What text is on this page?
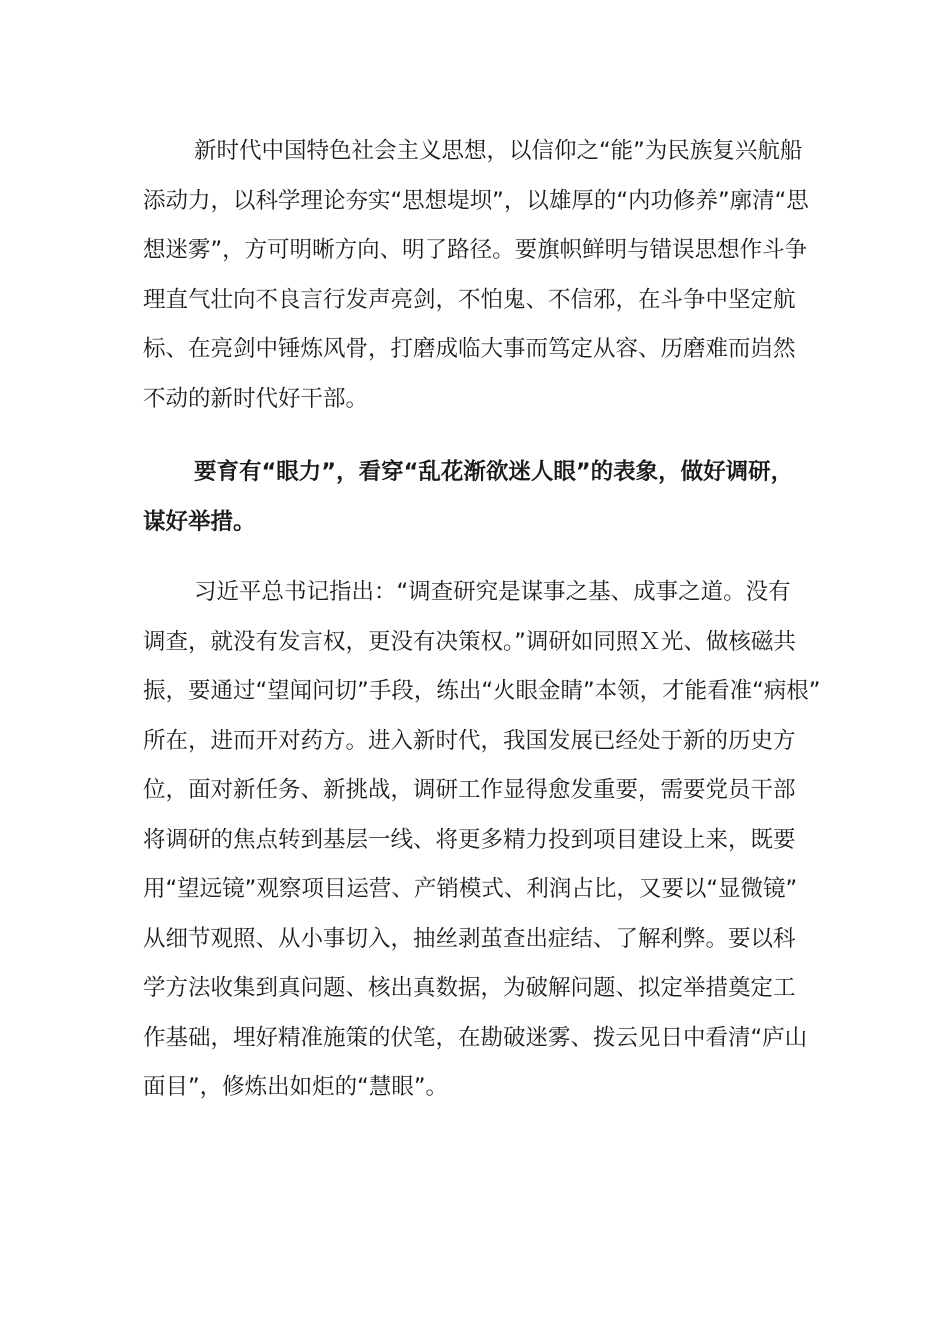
新时代中国特色社会主义思想，以信仰之“能”为民族复兴航船
添动力，以科学理论夯实“思想堤坝”，以雄厚的“内功修养”廓清“思
想迷雾”，方可明晰方向、明了路径。要旗帜鲜明与错误思想作斗争
理直气壮向不良言行发声亮剑，不怕鬼、不信邪，在斗争中坚定航
标、在亮剑中锤炼风骨，打磨成临大事而笃定从容、历磨难而岿然
不动的新时代好干部。
要育有“眼力”，看穿“乱花渐欲迷人眼”的表象，做好调研，
谋好举措。
习近平总书记指出：“调查研究是谋事之基、成事之道。没有
调查，就没有发言权，更没有决策权。”调研如同照Ｘ光、做核磁共
振，要通过“望闻问切”手段，练出“火眼金睛”本领，才能看准“病根”
所在，进而开对药方。进入新时代，我国发展已经处于新的历史方
位，面对新任务、新挑战，调研工作显得愈发重要，需要党员干部
将调研的焦点转到基层一线、将更多精力投到项目建设上来，既要
用“望远镜”观察项目运营、产销模式、利润占比，又要以“显微镜”
从细节观照、从小事切入，抽丝剥茧查出症结、了解利弊。要以科
学方法收集到真问题、核出真数据，为破解问题、拟定举措奠定工
作基础，埋好精准施策的伏笔，在勘破迷雾、拨云见日中看清“庐山
面目”，修炼出如炬的“慧眼”。
